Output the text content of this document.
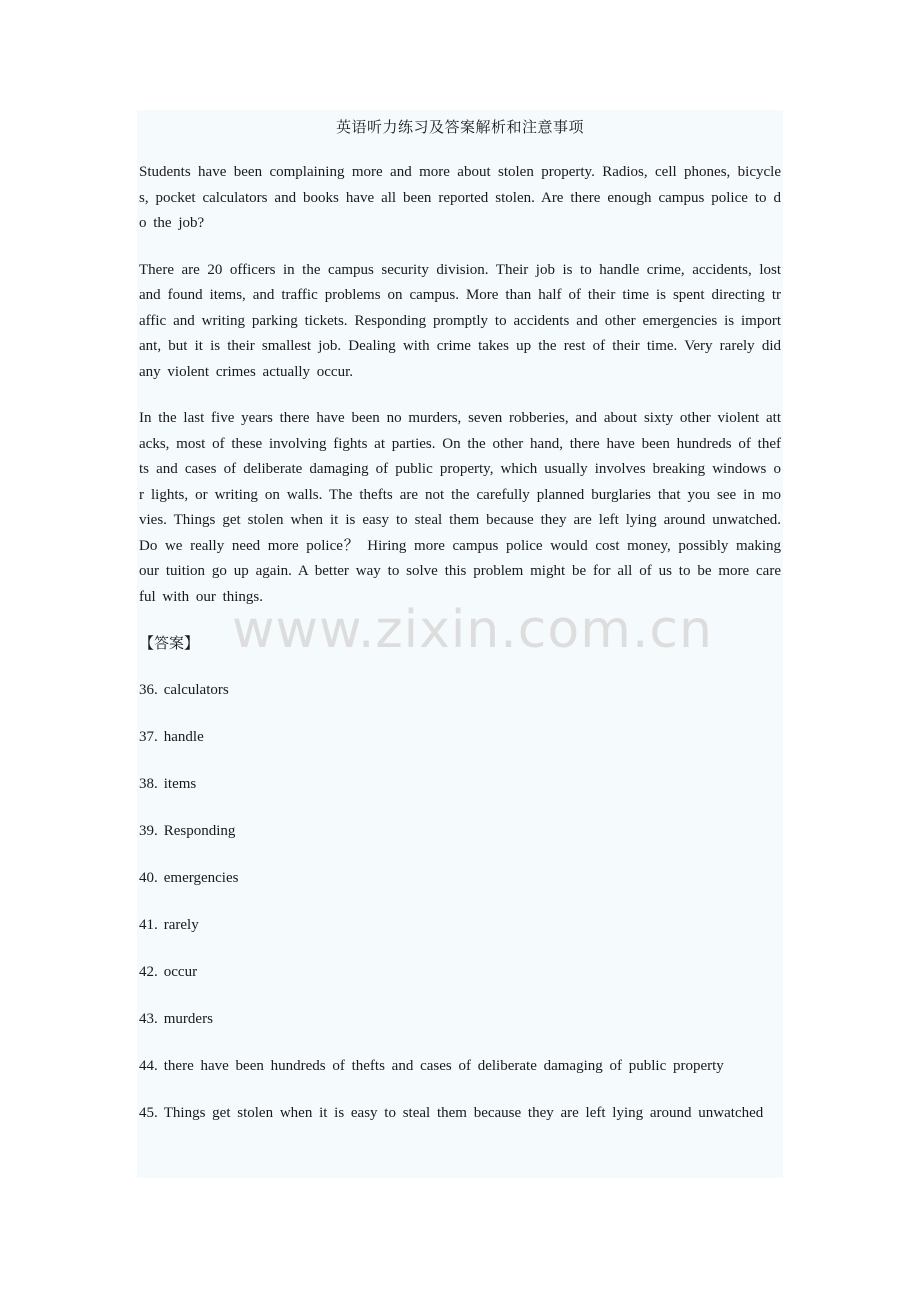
英语听力练习及答案解析和注意事项

Students have been complaining more and more about stolen property. Radios, cell phones, bicycles, pocket calculators and books have all been reported stolen. Are there enough campus police to do the job?

There are 20 officers in the campus security division. Their job is to handle crime, accidents, lost and found items, and traffic problems on campus. More than half of their time is spent directing traffic and writing parking tickets. Responding promptly to accidents and other emergencies is important, but it is their smallest job. Dealing with crime takes up the rest of their time. Very rarely did any violent crimes actually occur.

In the last five years there have been no murders, seven robberies, and about sixty other violent attacks, most of these involving fights at parties. On the other hand, there have been hundreds of thefts and cases of deliberate damaging of public property, which usually involves breaking windows or lights, or writing on walls. The thefts are not the carefully planned burglaries that you see in movies. Things get stolen when it is easy to steal them because they are left lying around unwatched. Do we really need more police？ Hiring more campus police would cost money, possibly making our tuition go up again. A better way to solve this problem might be for all of us to be more careful with our things.

【答案】
36. calculators
37. handle
38. items
39. Responding
40. emergencies
41. rarely
42. occur
43. murders
44. there have been hundreds of thefts and cases of deliberate damaging of public property
45. Things get stolen when it is easy to steal them because they are left lying around unwatched
www.zixin.com.cn
